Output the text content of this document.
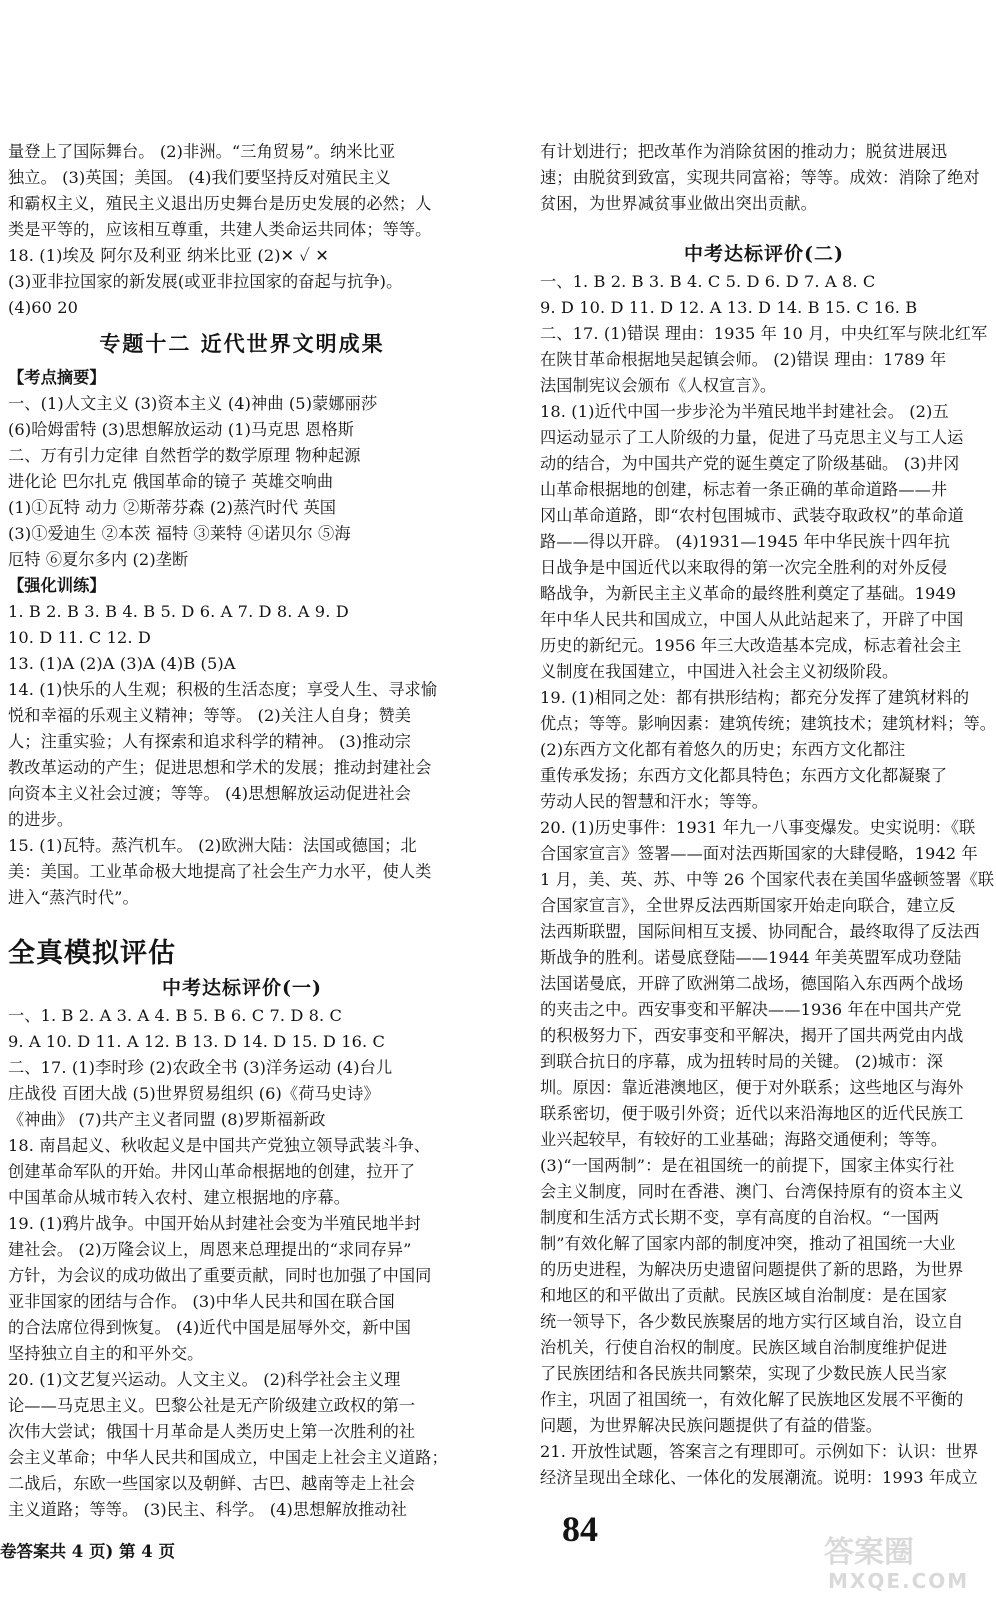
量登上了国际舞台。 (2)非洲。“三角贸易”。纳米比亚
独立。 (3)英国；美国。 (4)我们要坚持反对殖民主义
和霸权主义，殖民主义退出历史舞台是历史发展的必然；人
类是平等的，应该相互尊重，共建人类命运共同体；等等。
18. (1)埃及 阿尔及利亚 纳米比亚 (2)✕ ✓ ✕
(3)亚非拉国家的新发展(或亚非拉国家的奋起与抗争)。
(4)60 20
专题十二 近代世界文明成果
【考点摘要】
一、(1)人文主义 (3)资本主义 (4)神曲 (5)蒙娜丽莎
(6)哈姆雷特 (3)思想解放运动 (1)马克思 恩格斯
二、万有引力定律 自然哲学的数学原理 物种起源
进化论 巴尔扎克 俄国革命的镜子 英雄交响曲
(1)①瓦特 动力 ②斯蒂芬森 (2)蒸汽时代 英国
(3)①爱迪生 ②本茨 福特 ③莱特 ④诺贝尔 ⑤海
厄特 ⑥夏尔多内 (2)垄断
【强化训练】
1. B 2. B 3. B 4. B 5. D 6. A 7. D 8. A 9. D
10. D 11. C 12. D
13. (1)A (2)A (3)A (4)B (5)A
14. (1)快乐的人生观；积极的生活态度；享受人生、寻求愉
悦和幸福的乐观主义精神；等等。 (2)关注人自身；赞美
人；注重实验；人有探索和追求科学的精神。 (3)推动宗
教改革运动的产生；促进思想和学术的发展；推动封建社会
向资本主义社会过渡；等等。 (4)思想解放运动促进社会
的进步。
15. (1)瓦特。蒸汽机车。 (2)欧洲大陆：法国或德国；北
美：美国。工业革命极大地提高了社会生产力水平，使人类
进入“蒸汽时代”。
全真模拟评估
中考达标评价(一)
一、1. B 2. A 3. A 4. B 5. B 6. C 7. D 8. C
9. A 10. D 11. A 12. B 13. D 14. D 15. D 16. C
二、17. (1)李时珍 (2)农政全书 (3)洋务运动 (4)台儿
庄战役 百团大战 (5)世界贸易组织 (6)《荷马史诗》
《神曲》 (7)共产主义者同盟 (8)罗斯福新政
18. 南昌起义、秋收起义是中国共产党独立领导武装斗争、
创建革命军队的开始。井冈山革命根据地的创建，拉开了
中国革命从城市转入农村、建立根据地的序幕。
19. (1)鸦片战争。中国开始从封建社会变为半殖民地半封
建社会。 (2)万隆会议上，周恩来总理提出的“求同存异”
方针，为会议的成功做出了重要贡献，同时也加强了中国同
亚非国家的团结与合作。 (3)中华人民共和国在联合国
的合法席位得到恢复。 (4)近代中国是屈辱外交，新中国
坚持独立自主的和平外交。
20. (1)文艺复兴运动。人文主义。 (2)科学社会主义理
论——马克思主义。巴黎公社是无产阶级建立政权的第一
次伟大尝试；俄国十月革命是人类历史上第一次胜利的社
会主义革命；中华人民共和国成立，中国走上社会主义道路；
二战后，东欧一些国家以及朝鲜、古巴、越南等走上社会
主义道路；等等。 (3)民主、科学。 (4)思想解放推动社
卷答案共 4 页) 第 4 页
有计划进行；把改革作为消除贫困的推动力；脱贫进展迅
速；由脱贫到致富，实现共同富裕；等等。成效：消除了绝对
贫困，为世界减贫事业做出突出贡献。
中考达标评价(二)
一、1. B 2. B 3. B 4. C 5. D 6. D 7. A 8. C
9. D 10. D 11. D 12. A 13. D 14. B 15. C 16. B
二、17. (1)错误 理由：1935 年 10 月，中央红军与陕北红军
在陕甘革命根据地吴起镇会师。 (2)错误 理由：1789 年
法国制宪议会颁布《人权宣言》。
18. (1)近代中国一步步沦为半殖民地半封建社会。 (2)五
四运动显示了工人阶级的力量，促进了马克思主义与工人运
动的结合，为中国共产党的诞生奠定了阶级基础。 (3)井冈
山革命根据地的创建，标志着一条正确的革命道路——井
冈山革命道路，即“农村包围城市、武装夺取政权”的革命道
路——得以开辟。 (4)1931—1945 年中华民族十四年抗
日战争是中国近代以来取得的第一次完全胜利的对外反侵
略战争，为新民主主义革命的最终胜利奠定了基础。1949
年中华人民共和国成立，中国人从此站起来了，开辟了中国
历史的新纪元。1956 年三大改造基本完成，标志着社会主
义制度在我国建立，中国进入社会主义初级阶段。
19. (1)相同之处：都有拱形结构；都充分发挥了建筑材料的
优点；等等。影响因素：建筑传统；建筑技术；建筑材料；等。
(2)东西方文化都有着悠久的历史；东西方文化都注
重传承发扬；东西方文化都具特色；东西方文化都凝聚了
劳动人民的智慧和汗水；等等。
20. (1)历史事件：1931 年九一八事变爆发。史实说明：《联
合国家宣言》签署——面对法西斯国家的大肆侵略，1942 年
1 月，美、英、苏、中等 26 个国家代表在美国华盛顿签署《联
合国家宣言》，全世界反法西斯国家开始走向联合，建立反
法西斯联盟，国际间相互支援、协同配合，最终取得了反法西
斯战争的胜利。诺曼底登陆——1944 年美英盟军成功登陆
法国诺曼底，开辟了欧洲第二战场，德国陷入东西两个战场
的夹击之中。西安事变和平解决——1936 年在中国共产党
的积极努力下，西安事变和平解决，揭开了国共两党由内战
到联合抗日的序幕，成为扭转时局的关键。 (2)城市：深
圳。原因：靠近港澳地区，便于对外联系；这些地区与海外
联系密切，便于吸引外资；近代以来沿海地区的近代民族工
业兴起较早，有较好的工业基础；海路交通便利；等等。
(3)“一国两制”：是在祖国统一的前提下，国家主体实行社
会主义制度，同时在香港、澳门、台湾保持原有的资本主义
制度和生活方式长期不变，享有高度的自治权。“一国两
制”有效化解了国家内部的制度冲突，推动了祖国统一大业
的历史进程，为解决历史遗留问题提供了新的思路，为世界
和地区的和平做出了贡献。民族区域自治制度：是在国家
统一领导下，各少数民族聚居的地方实行区域自治，设立自
治机关，行使自治权的制度。民族区域自治制度维护促进
了民族团结和各民族共同繁荣，实现了少数民族人民当家
作主，巩固了祖国统一，有效化解了民族地区发展不平衡的
问题，为世界解决民族问题提供了有益的借鉴。
21. 开放性试题，答案言之有理即可。示例如下：认识：世界
经济呈现出全球化、一体化的发展潮流。说明：1993 年成立
84
答案圈
MXQE.COM
